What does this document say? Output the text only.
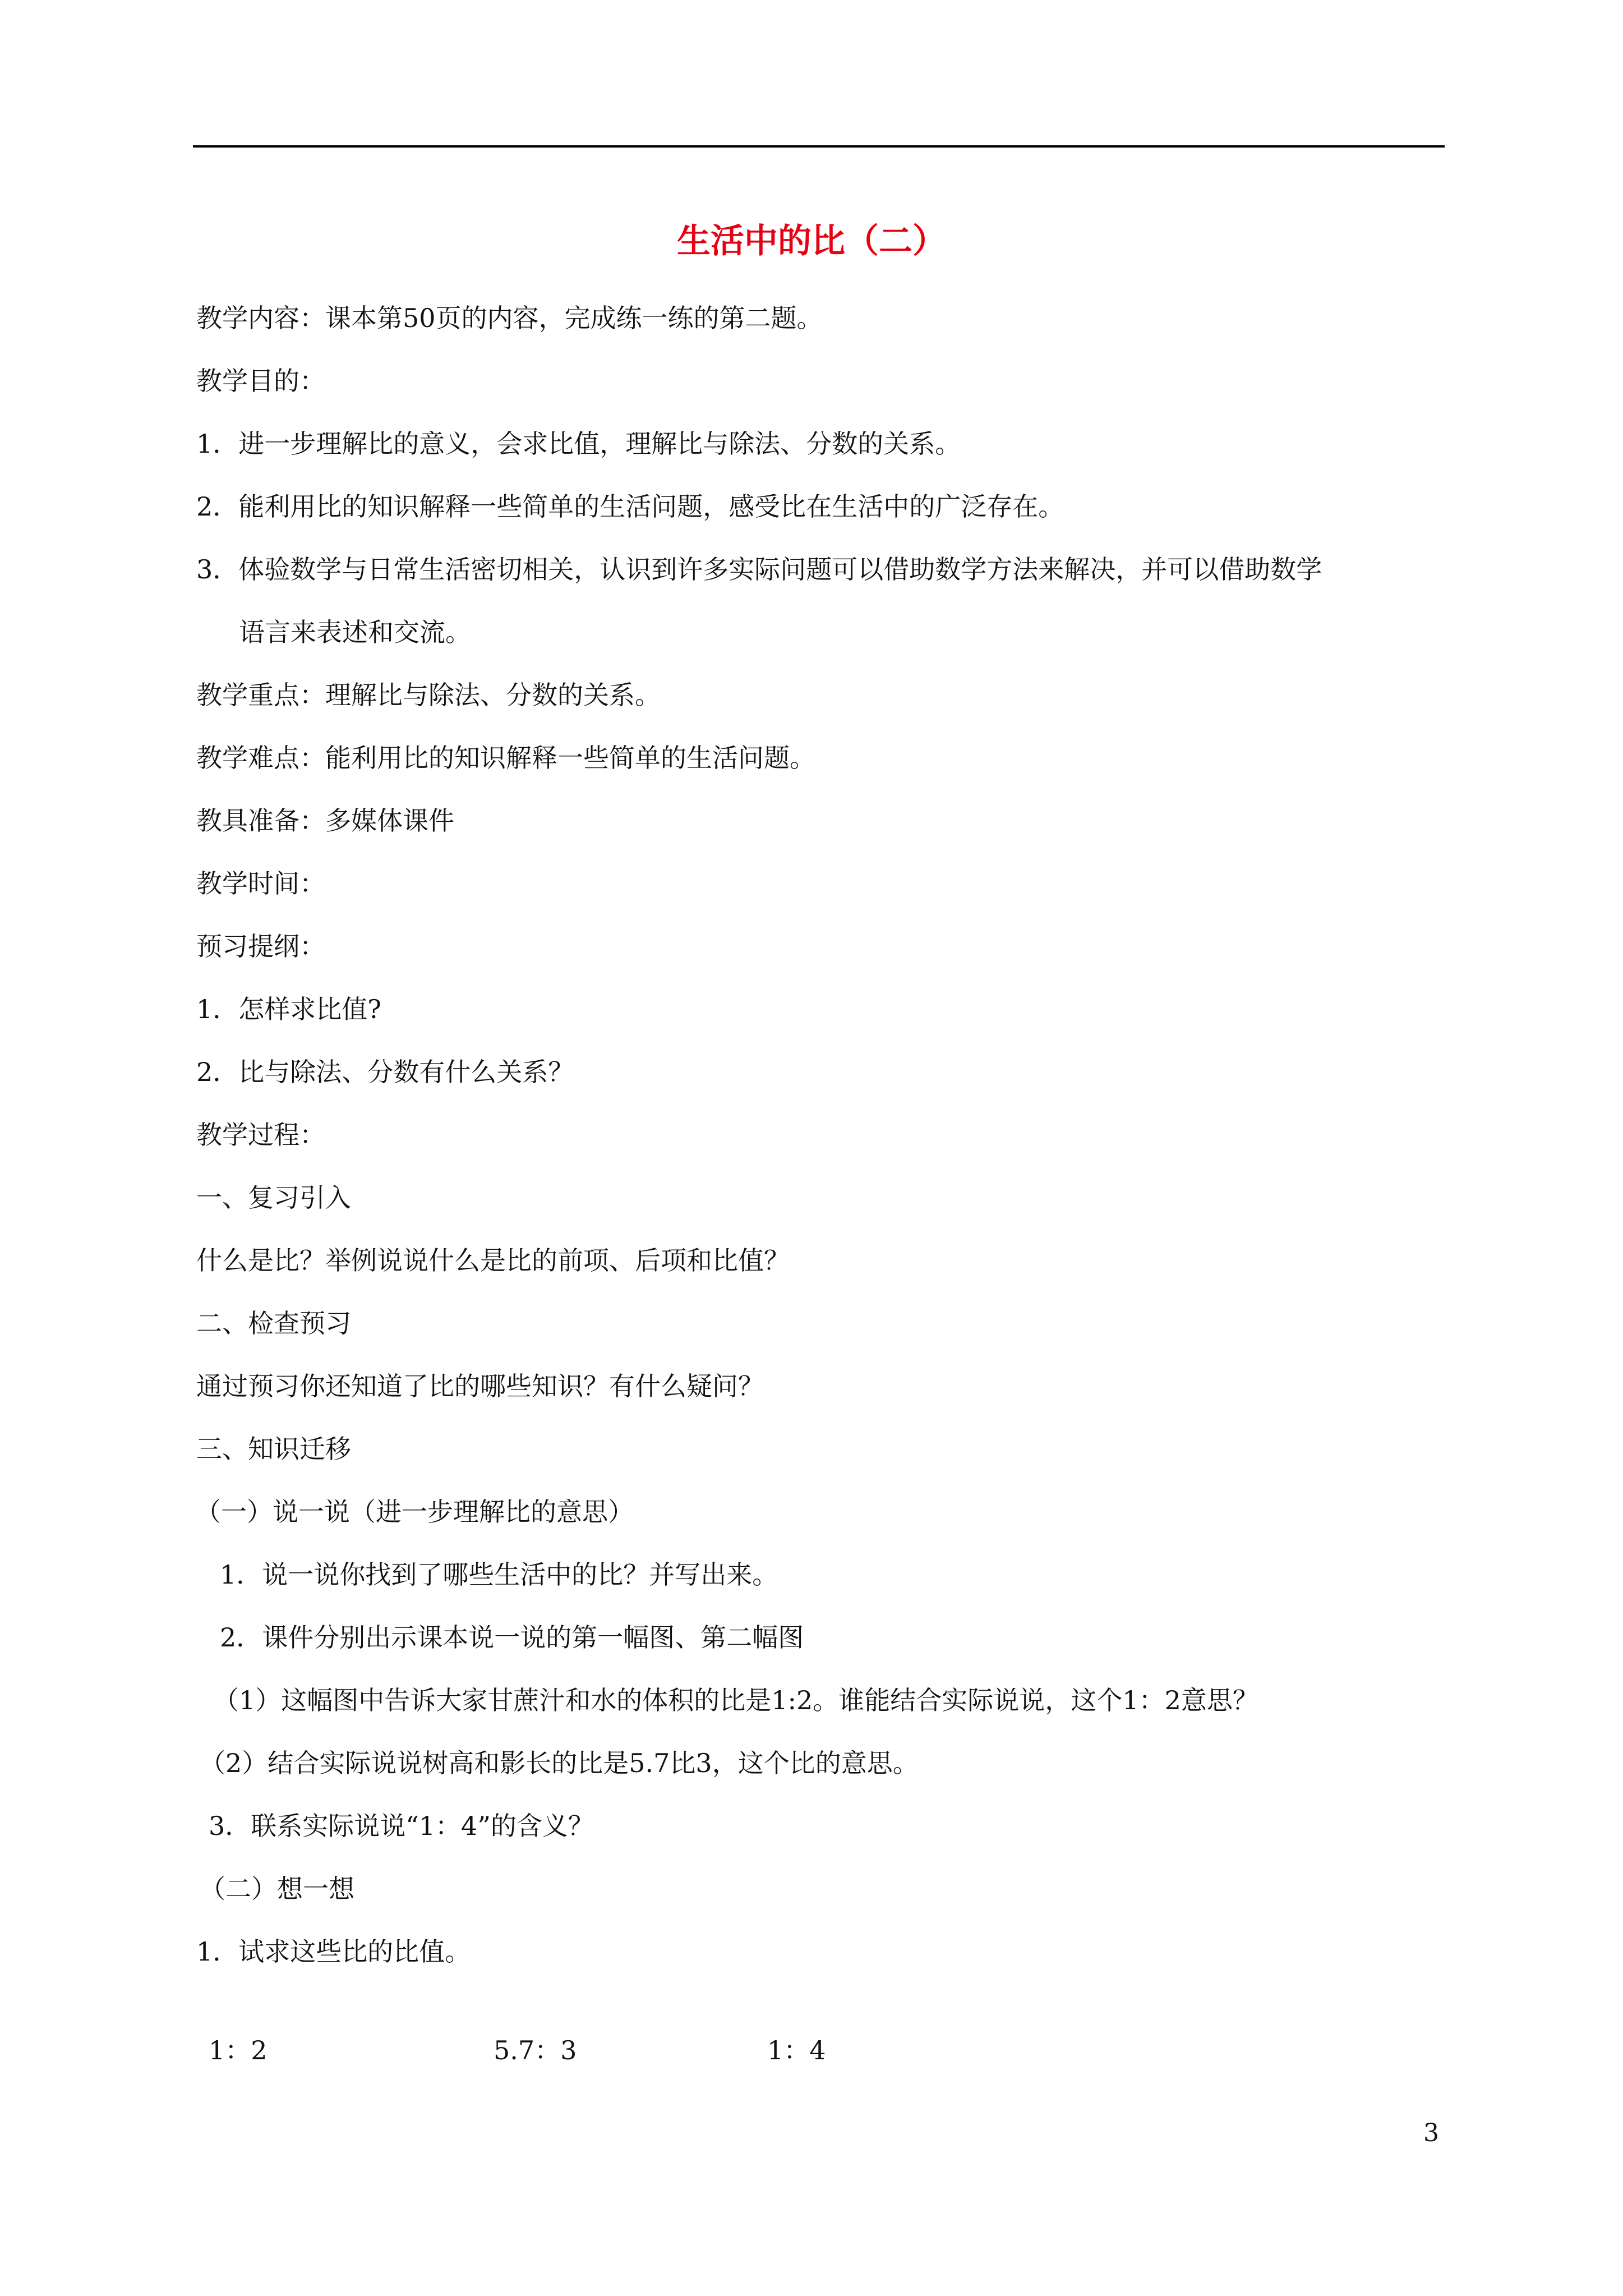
生活中的比（二）
教学内容：课本第50页的内容，完成练一练的第二题。
教学目的：
1．进一步理解比的意义，会求比值，理解比与除法、分数的关系。
2．能利用比的知识解释一些简单的生活问题，感受比在生活中的广泛存在。
3．体验数学与日常生活密切相关，认识到许多实际问题可以借助数学方法来解决，并可以借助数学
语言来表述和交流。
教学重点：理解比与除法、分数的关系。
教学难点：能利用比的知识解释一些简单的生活问题。
教具准备：多媒体课件
教学时间：
预习提纲：
1．怎样求比值?
2．比与除法、分数有什么关系？
教学过程：
一、复习引入
什么是比？举例说说什么是比的前项、后项和比值？
二、检查预习
通过预习你还知道了比的哪些知识？有什么疑问？
三、知识迁移
（一）说一说（进一步理解比的意思）
1．说一说你找到了哪些生活中的比？并写出来。
2．课件分别出示课本说一说的第一幅图、第二幅图
（1）这幅图中告诉大家甘蔗汁和水的体积的比是1:2。谁能结合实际说说，这个1：2意思？
（2）结合实际说说树高和影长的比是5.7比3，这个比的意思。
3．联系实际说说“1：4”的含义？
（二）想一想
1．试求这些比的比值。
1：2	5.7：3	1：4
3
